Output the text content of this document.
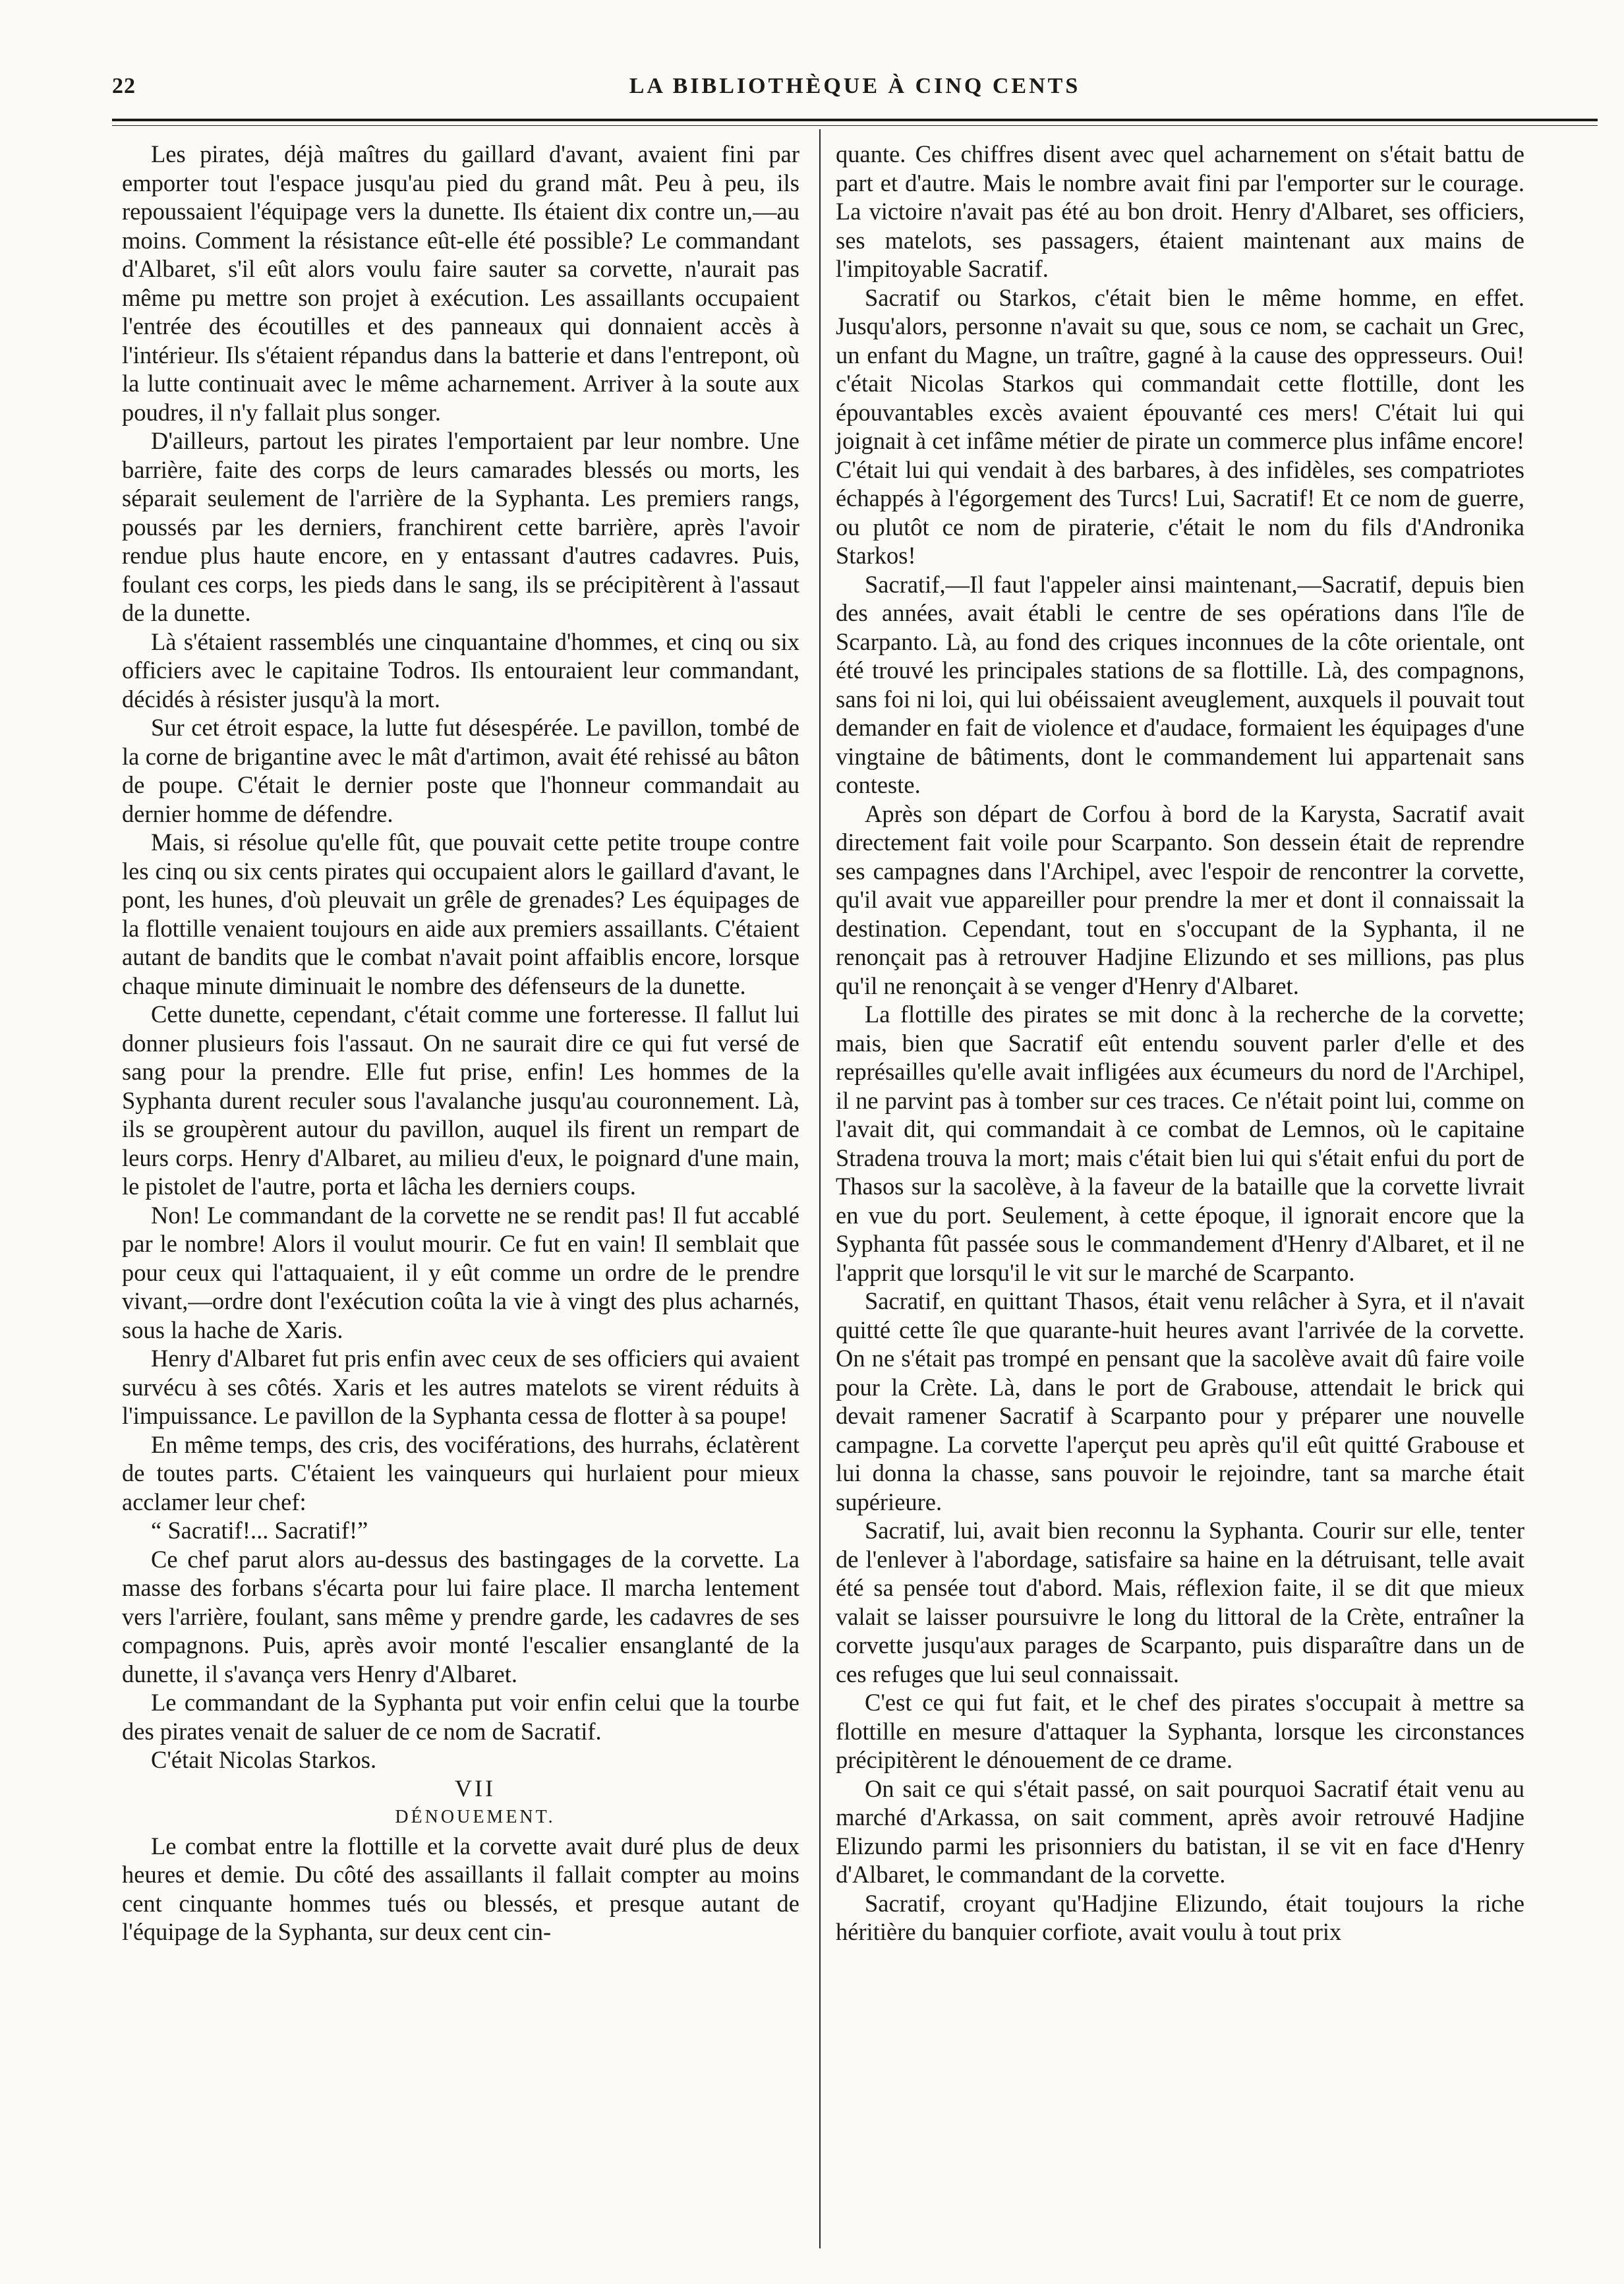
22	LA BIBLIOTHÈQUE À CINQ CENTS

Les pirates, déjà maîtres du gaillard d'avant, avaient fini par emporter tout l'espace jusqu'au pied du grand mât. Peu à peu, ils repoussaient l'équipage vers la dunette. Ils étaient dix contre un,—au moins. Comment la résistance eût-elle été possible? Le commandant d'Albaret, s'il eût alors voulu faire sauter sa corvette, n'aurait pas même pu mettre son projet à exécution. Les assaillants occupaient l'entrée des écoutilles et des panneaux qui donnaient accès à l'intérieur. Ils s'étaient répandus dans la batterie et dans l'entrepont, où la lutte continuait avec le même acharnement. Arriver à la soute aux poudres, il n'y fallait plus songer.

D'ailleurs, partout les pirates l'emportaient par leur nombre. Une barrière, faite des corps de leurs camarades blessés ou morts, les séparait seulement de l'arrière de la Syphanta. Les premiers rangs, poussés par les derniers, franchirent cette barrière, après l'avoir rendue plus haute encore, en y entassant d'autres cadavres. Puis, foulant ces corps, les pieds dans le sang, ils se précipitèrent à l'assaut de la dunette.

Là s'étaient rassemblés une cinquantaine d'hommes, et cinq ou six officiers avec le capitaine Todros. Ils entouraient leur commandant, décidés à résister jusqu'à la mort.

Sur cet étroit espace, la lutte fut désespérée. Le pavillon, tombé de la corne de brigantine avec le mât d'artimon, avait été rehissé au bâton de poupe. C'était le dernier poste que l'honneur commandait au dernier homme de défendre.

Mais, si résolue qu'elle fût, que pouvait cette petite troupe contre les cinq ou six cents pirates qui occupaient alors le gaillard d'avant, le pont, les hunes, d'où pleuvait un grêle de grenades? Les équipages de la flottille venaient toujours en aide aux premiers assaillants. C'étaient autant de bandits que le combat n'avait point affaiblis encore, lorsque chaque minute diminuait le nombre des défenseurs de la dunette.

Cette dunette, cependant, c'était comme une forteresse. Il fallut lui donner plusieurs fois l'assaut. On ne saurait dire ce qui fut versé de sang pour la prendre. Elle fut prise, enfin! Les hommes de la Syphanta durent reculer sous l'avalanche jusqu'au couronnement. Là, ils se groupèrent autour du pavillon, auquel ils firent un rempart de leurs corps. Henry d'Albaret, au milieu d'eux, le poignard d'une main, le pistolet de l'autre, porta et lâcha les derniers coups.

Non! Le commandant de la corvette ne se rendit pas! Il fut accablé par le nombre! Alors il voulut mourir. Ce fut en vain! Il semblait que pour ceux qui l'attaquaient, il y eût comme un ordre de le prendre vivant,—ordre dont l'exécution coûta la vie à vingt des plus acharnés, sous la hache de Xaris.

Henry d'Albaret fut pris enfin avec ceux de ses officiers qui avaient survécu à ses côtés. Xaris et les autres matelots se virent réduits à l'impuissance. Le pavillon de la Syphanta cessa de flotter à sa poupe!

En même temps, des cris, des vociférations, des hurrahs, éclatèrent de toutes parts. C'étaient les vainqueurs qui hurlaient pour mieux acclamer leur chef:

“ Sacratif!... Sacratif!”

Ce chef parut alors au-dessus des bastingages de la corvette. La masse des forbans s'écarta pour lui faire place. Il marcha lentement vers l'arrière, foulant, sans même y prendre garde, les cadavres de ses compagnons. Puis, après avoir monté l'escalier ensanglanté de la dunette, il s'avança vers Henry d'Albaret.

Le commandant de la Syphanta put voir enfin celui que la tourbe des pirates venait de saluer de ce nom de Sacratif.

C'était Nicolas Starkos.

VII

DÉNOUEMENT.

Le combat entre la flottille et la corvette avait duré plus de deux heures et demie. Du côté des assaillants il fallait compter au moins cent cinquante hommes tués ou blessés, et presque autant de l'équipage de la Syphanta, sur deux cent cin-

quante. Ces chiffres disent avec quel acharnement on s'était battu de part et d'autre. Mais le nombre avait fini par l'emporter sur le courage. La victoire n'avait pas été au bon droit. Henry d'Albaret, ses officiers, ses matelots, ses passagers, étaient maintenant aux mains de l'impitoyable Sacratif.

Sacratif ou Starkos, c'était bien le même homme, en effet. Jusqu'alors, personne n'avait su que, sous ce nom, se cachait un Grec, un enfant du Magne, un traître, gagné à la cause des oppresseurs. Oui! c'était Nicolas Starkos qui commandait cette flottille, dont les épouvantables excès avaient épouvanté ces mers! C'était lui qui joignait à cet infâme métier de pirate un commerce plus infâme encore! C'était lui qui vendait à des barbares, à des infidèles, ses compatriotes échappés à l'égorgement des Turcs! Lui, Sacratif! Et ce nom de guerre, ou plutôt ce nom de piraterie, c'était le nom du fils d'Andronika Starkos!

Sacratif,—Il faut l'appeler ainsi maintenant,—Sacratif, depuis bien des années, avait établi le centre de ses opérations dans l'île de Scarpanto. Là, au fond des criques inconnues de la côte orientale, ont été trouvé les principales stations de sa flottille. Là, des compagnons, sans foi ni loi, qui lui obéissaient aveuglement, auxquels il pouvait tout demander en fait de violence et d'audace, formaient les équipages d'une vingtaine de bâtiments, dont le commandement lui appartenait sans conteste.

Après son départ de Corfou à bord de la Karysta, Sacratif avait directement fait voile pour Scarpanto. Son dessein était de reprendre ses campagnes dans l'Archipel, avec l'espoir de rencontrer la corvette, qu'il avait vue appareiller pour prendre la mer et dont il connaissait la destination. Cependant, tout en s'occupant de la Syphanta, il ne renonçait pas à retrouver Hadjine Elizundo et ses millions, pas plus qu'il ne renonçait à se venger d'Henry d'Albaret.

La flottille des pirates se mit donc à la recherche de la corvette; mais, bien que Sacratif eût entendu souvent parler d'elle et des représailles qu'elle avait infligées aux écumeurs du nord de l'Archipel, il ne parvint pas à tomber sur ces traces. Ce n'était point lui, comme on l'avait dit, qui commandait à ce combat de Lemnos, où le capitaine Stradena trouva la mort; mais c'était bien lui qui s'était enfui du port de Thasos sur la sacolève, à la faveur de la bataille que la corvette livrait en vue du port. Seulement, à cette époque, il ignorait encore que la Syphanta fût passée sous le commandement d'Henry d'Albaret, et il ne l'apprit que lorsqu'il le vit sur le marché de Scarpanto.

Sacratif, en quittant Thasos, était venu relâcher à Syra, et il n'avait quitté cette île que quarante-huit heures avant l'arrivée de la corvette. On ne s'était pas trompé en pensant que la sacolève avait dû faire voile pour la Crète. Là, dans le port de Grabouse, attendait le brick qui devait ramener Sacratif à Scarpanto pour y préparer une nouvelle campagne. La corvette l'aperçut peu après qu'il eût quitté Grabouse et lui donna la chasse, sans pouvoir le rejoindre, tant sa marche était supérieure.

Sacratif, lui, avait bien reconnu la Syphanta. Courir sur elle, tenter de l'enlever à l'abordage, satisfaire sa haine en la détruisant, telle avait été sa pensée tout d'abord. Mais, réflexion faite, il se dit que mieux valait se laisser poursuivre le long du littoral de la Crète, entraîner la corvette jusqu'aux parages de Scarpanto, puis disparaître dans un de ces refuges que lui seul connaissait.

C'est ce qui fut fait, et le chef des pirates s'occupait à mettre sa flottille en mesure d'attaquer la Syphanta, lorsque les circonstances précipitèrent le dénouement de ce drame.

On sait ce qui s'était passé, on sait pourquoi Sacratif était venu au marché d'Arkassa, on sait comment, après avoir retrouvé Hadjine Elizundo parmi les prisonniers du batistan, il se vit en face d'Henry d'Albaret, le commandant de la corvette.

Sacratif, croyant qu'Hadjine Elizundo, était toujours la riche héritière du banquier corfiote, avait voulu à tout prix
